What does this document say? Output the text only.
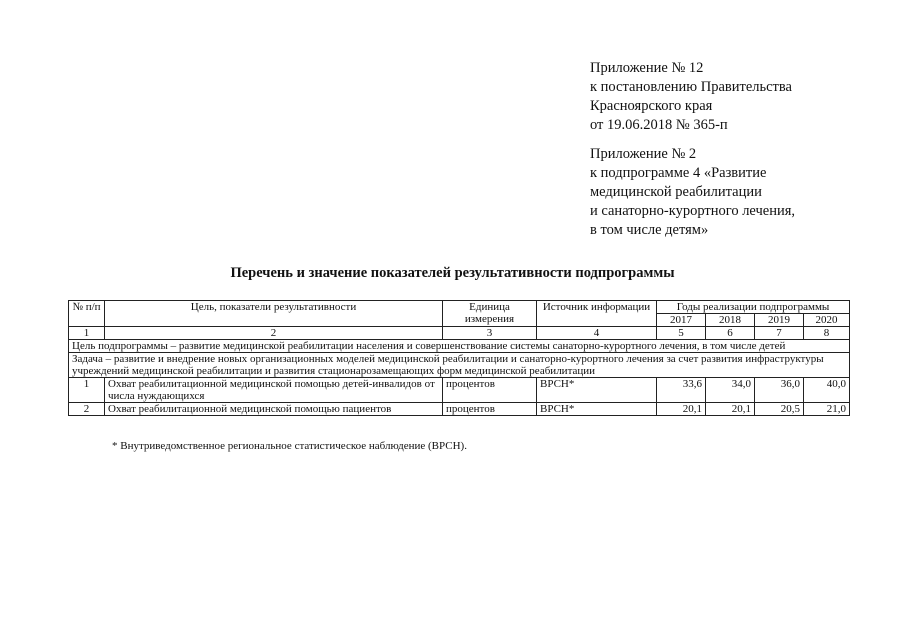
Приложение № 12
к постановлению Правительства
Красноярского края
от 19.06.2018 № 365-п
Приложение № 2
к подпрограмме 4 «Развитие
медицинской реабилитации
и санаторно-курортного лечения,
в том числе детям»
Перечень и значение показателей результативности подпрограммы
№ п/п	Цель, показатели результативности	Единица измерения	Источник информации	Годы реализации подпрограммы			
				2017	2018	2019	2020
1	2	3	4	5	6	7	8
Цель подпрограммы – развитие медицинской реабилитации населения и совершенствование системы санаторно-курортного лечения, в том числе детей							
Задача – развитие и внедрение новых организационных моделей медицинской реабилитации и санаторно-курортного лечения за счет развития инфраструктуры учреждений медицинской реабилитации и развития стационарозамещающих форм медицинской реабилитации							
1	Охват реабилитационной медицинской помощью детей-инвалидов от числа нуждающихся	процентов	ВРСН*	33,6	34,0	36,0	40,0
2	Охват реабилитационной медицинской помощью пациентов	процентов	ВРСН*	20,1	20,1	20,5	21,0
* Внутриведомственное региональное статистическое наблюдение (ВРСН).
